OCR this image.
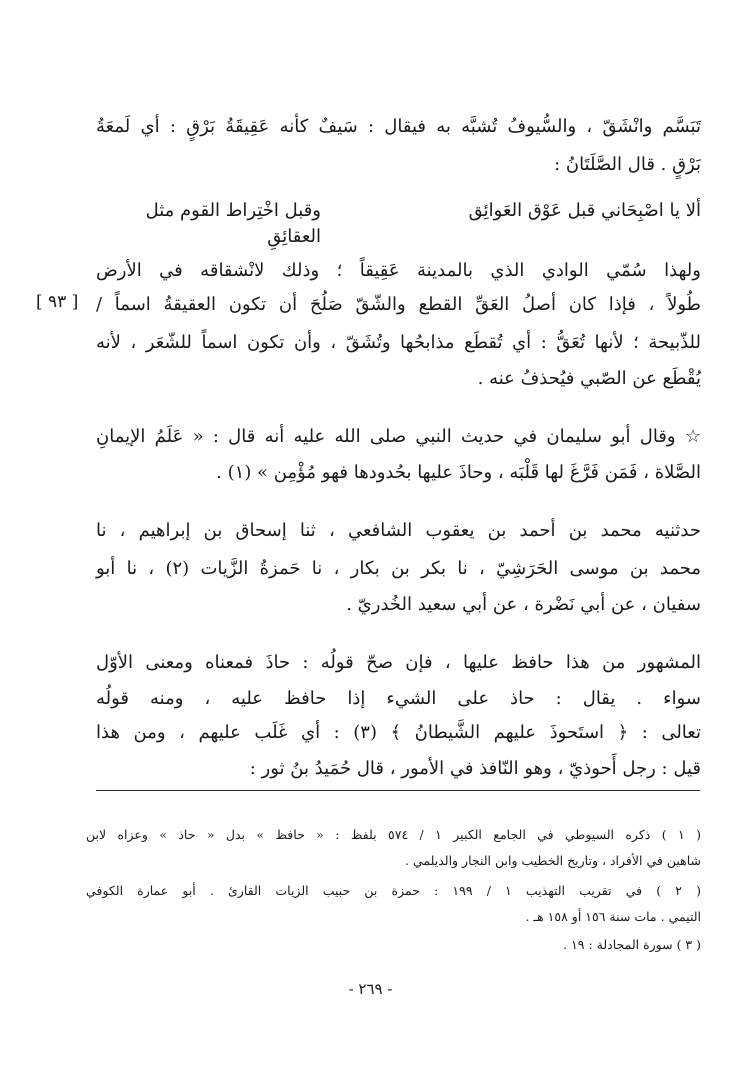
تَبَسَّم وانْشَقّ ، والسُّيوفُ تُشبَّه به فيقال : سَيفٌ كأنه عَقِيقَةُ بَرْقٍ : أي لَمعَةُ
بَرْقٍ . قال الصَّلَتَانُ :
ألا يا اصْبِحَاني قبل عَوْق العَوائِق
وقبل اخْتِراط القوم مثل العقائِقِ
ولهذا سُمّي الوادي الذي بالمدينة عَقِيقاً ؛ وذلك لانْشقاقه في الأرض
طُولاً ، فإذا كان أصلُ العَقِّ القطع والشّقّ صَلُحَ أن تكون العقيقةُ اسماً /
[ ٩٣ ]
للذّبيحة ؛ لأنها تُعَقُّ : أي تُقطَع مذابحُها وتُشَقّ ، وأن تكون اسماً للشّعَر ، لأنه
يُقْطَع عن الصّبي فيُحذفُ عنه .
☆ وقال أبو سليمان في حديث النبي صلى الله عليه أنه قال : « عَلَمُ الإيمانِ
الصَّلاة ، فَمَن فَرَّغَ لها قَلْبَه ، وحاذَ عليها بحُدودها فهو مُؤْمِن » (١) .
حدثنيه محمد بن أحمد بن يعقوب الشافعي ، ثنا إسحاق بن إبراهيم ، نا
محمد بن موسى الحَرَشِيّ ، نا بكر بن بكار ، نا حَمزةُ الزَّيات (٢) ، نا أبو
سفيان ، عن أبي نَضْرة ، عن أبي سعيد الخُدريّ .
المشهور من هذا حافظ عليها ، فإن صحّ قولُه : حاذَ فمعناه ومعنى الأوّل
سواء . يقال : حاذ على الشيء إذا حافظ عليه ، ومنه قولُه
تعالى : ﴿ استَحوذَ عليهم الشَّيطانُ ﴾ (٣) : أي غَلَب عليهم ، ومن هذا
قيل : رجل أَحوذيّ ، وهو النّافذ في الأمور ، قال حُمَيدُ بنُ ثور :
( ١ ) ذكره السيوطي في الجامع الكبير ١ / ٥٧٤ بلفظ : « حافظ » بدل « حاذ » وعزاه لابن
شاهين في الأفراد ، وتاريخ الخطيب وابن النجار والديلمي .
( ٢ ) في تقريب التهذيب ١ / ١٩٩ : حمزة بن حبيب الزيات القارئ . أبو عمارة الكوفي
التيمي . مات سنة ١٥٦ أو ١٥٨ هـ .
( ٣ ) سورة المجادلة : ١٩ .
- ٢٦٩ -
